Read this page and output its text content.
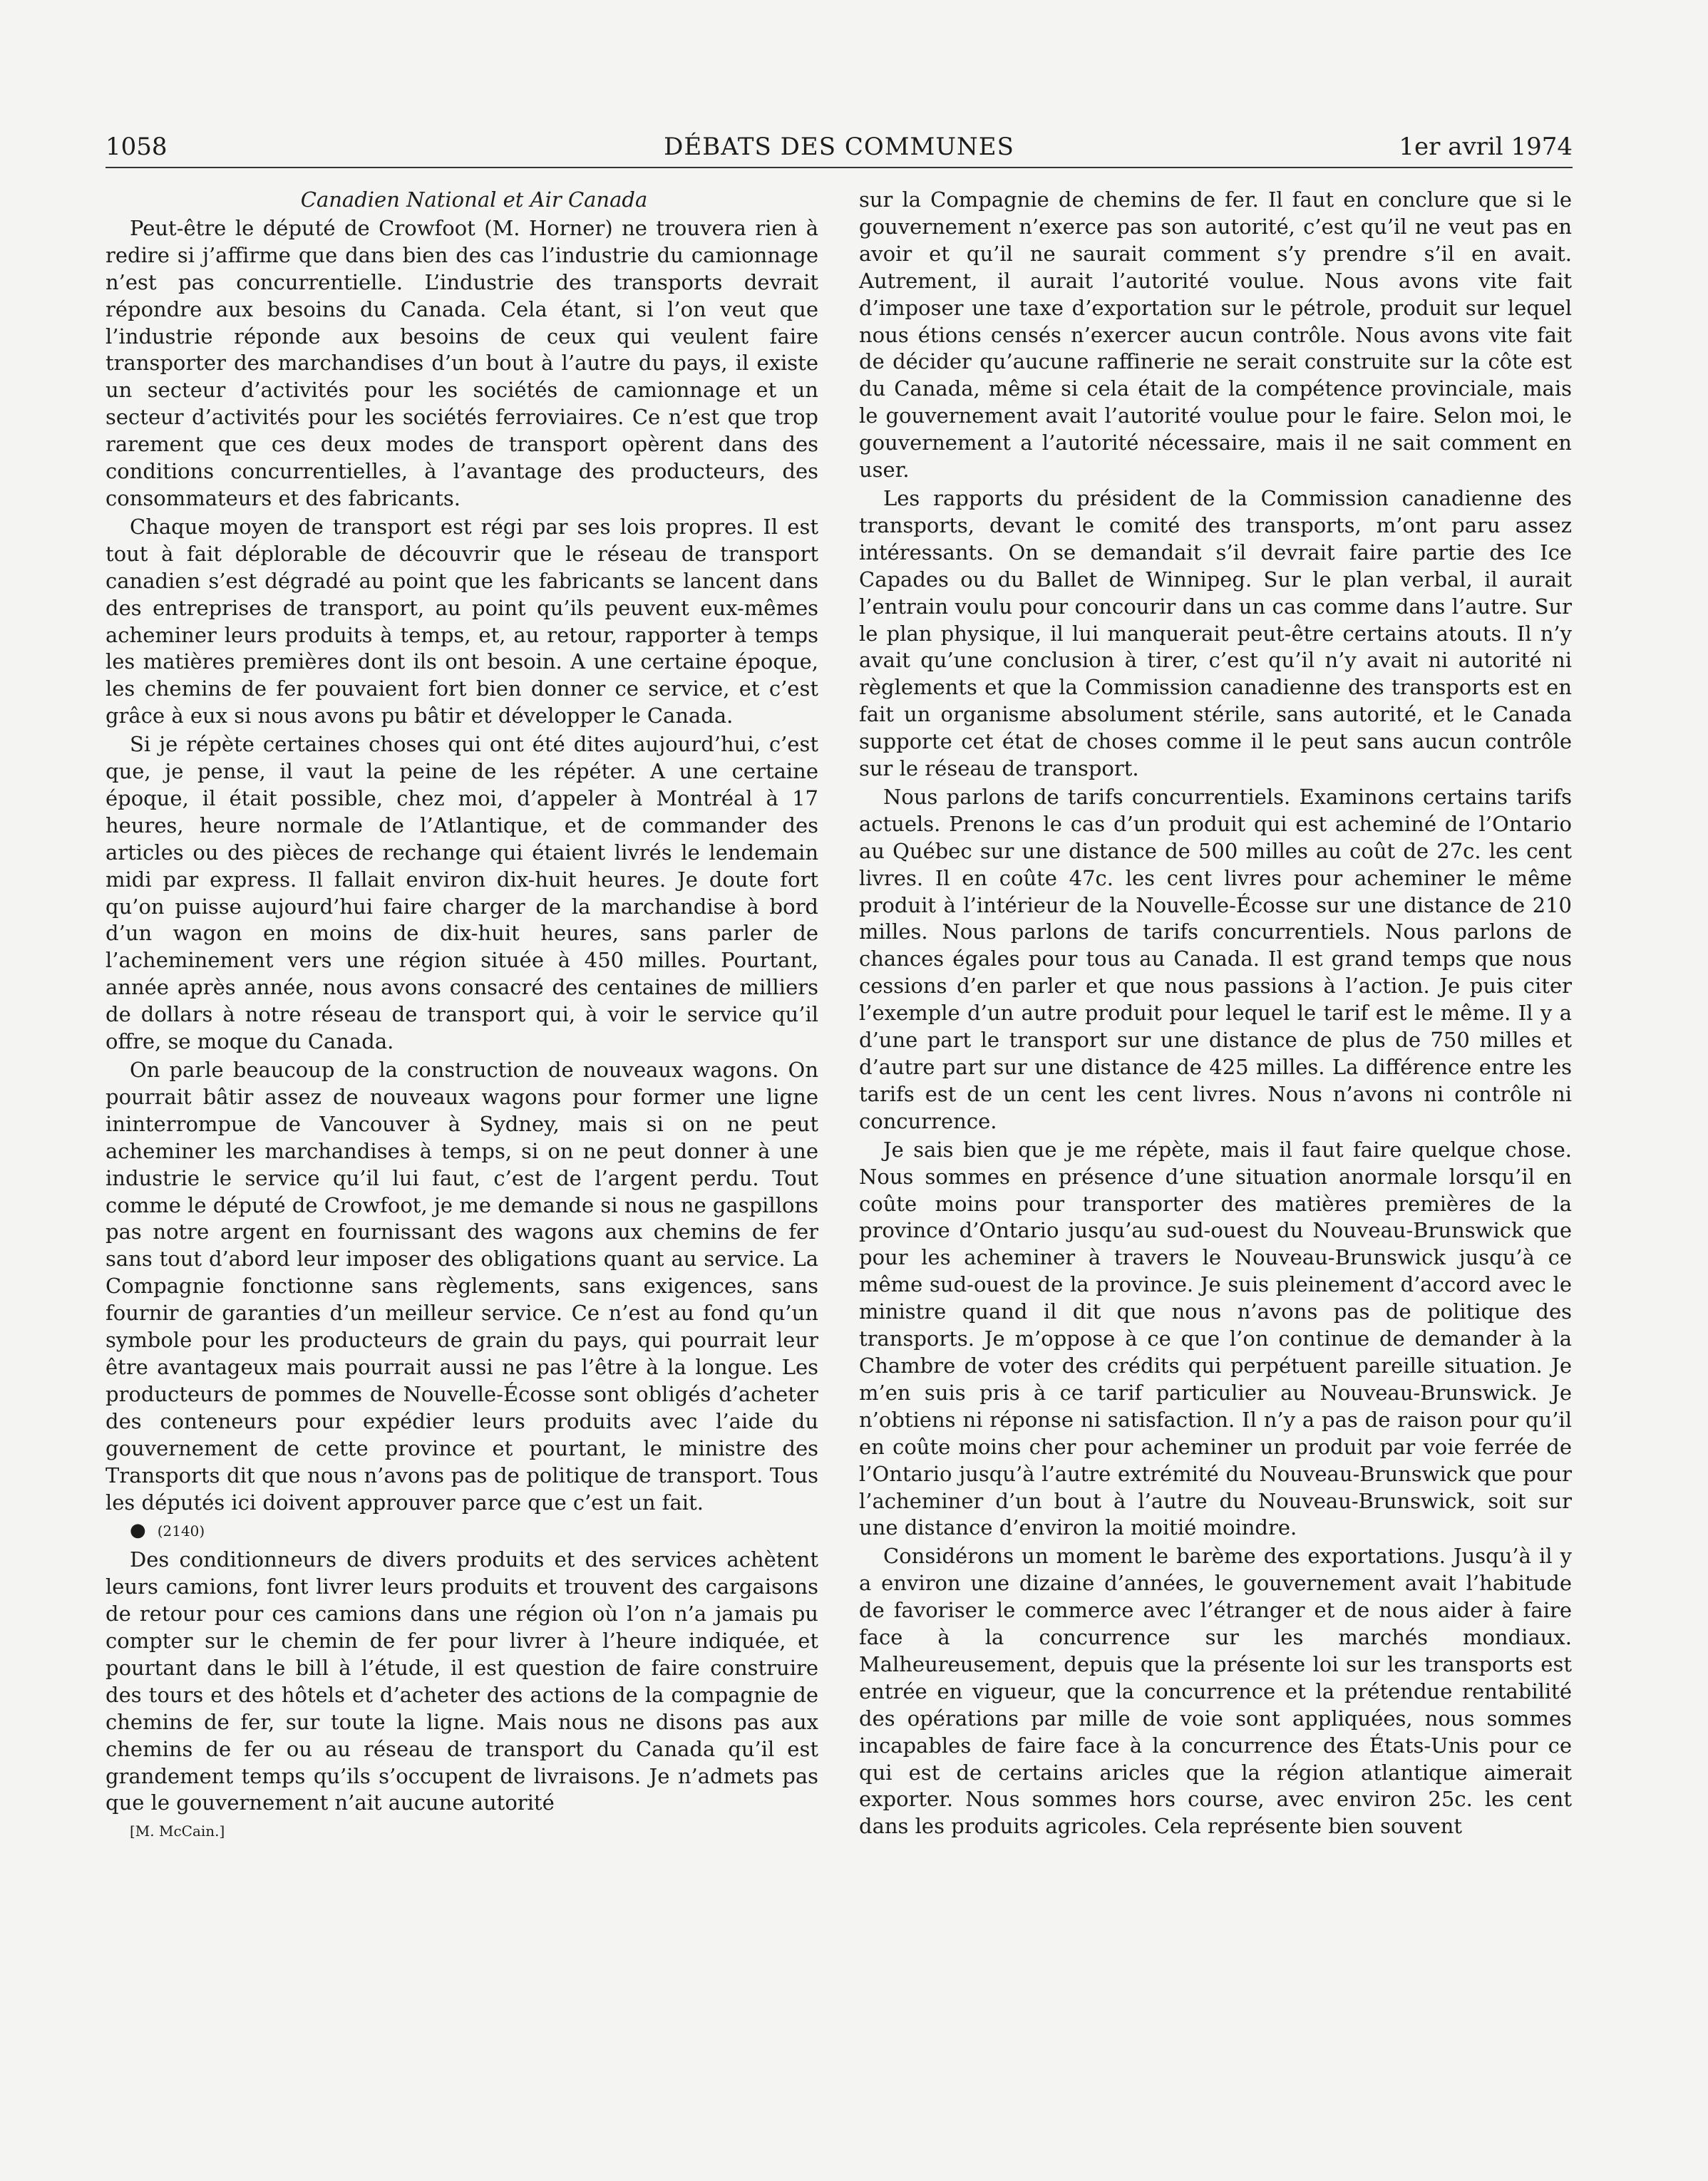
1058	DÉBATS DES COMMUNES	1er avril 1974

Canadien National et Air Canada

Peut-être le député de Crowfoot (M. Horner) ne trouvera rien à redire si j’affirme que dans bien des cas l’industrie du camionnage n’est pas concurrentielle. L’industrie des transports devrait répondre aux besoins du Canada. Cela étant, si l’on veut que l’industrie réponde aux besoins de ceux qui veulent faire transporter des marchandises d’un bout à l’autre du pays, il existe un secteur d’activités pour les sociétés de camionnage et un secteur d’activités pour les sociétés ferroviaires. Ce n’est que trop rarement que ces deux modes de transport opèrent dans des conditions concurrentielles, à l’avantage des producteurs, des consommateurs et des fabricants.

Chaque moyen de transport est régi par ses lois propres. Il est tout à fait déplorable de découvrir que le réseau de transport canadien s’est dégradé au point que les fabricants se lancent dans des entreprises de transport, au point qu’ils peuvent eux-mêmes acheminer leurs produits à temps, et, au retour, rapporter à temps les matières premières dont ils ont besoin. A une certaine époque, les chemins de fer pouvaient fort bien donner ce service, et c’est grâce à eux si nous avons pu bâtir et développer le Canada.

Si je répète certaines choses qui ont été dites aujourd’hui, c’est que, je pense, il vaut la peine de les répéter. A une certaine époque, il était possible, chez moi, d’appeler à Montréal à 17 heures, heure normale de l’Atlantique, et de commander des articles ou des pièces de rechange qui étaient livrés le lendemain midi par express. Il fallait environ dix-huit heures. Je doute fort qu’on puisse aujourd’hui faire charger de la marchandise à bord d’un wagon en moins de dix-huit heures, sans parler de l’acheminement vers une région située à 450 milles. Pourtant, année après année, nous avons consacré des centaines de milliers de dollars à notre réseau de transport qui, à voir le service qu’il offre, se moque du Canada.

On parle beaucoup de la construction de nouveaux wagons. On pourrait bâtir assez de nouveaux wagons pour former une ligne ininterrompue de Vancouver à Sydney, mais si on ne peut acheminer les marchandises à temps, si on ne peut donner à une industrie le service qu’il lui faut, c’est de l’argent perdu. Tout comme le député de Crowfoot, je me demande si nous ne gaspillons pas notre argent en fournissant des wagons aux chemins de fer sans tout d’abord leur imposer des obligations quant au service. La Compagnie fonctionne sans règlements, sans exigences, sans fournir de garanties d’un meilleur service. Ce n’est au fond qu’un symbole pour les producteurs de grain du pays, qui pourrait leur être avantageux mais pourrait aussi ne pas l’être à la longue. Les producteurs de pommes de Nouvelle-Écosse sont obligés d’acheter des conteneurs pour expédier leurs produits avec l’aide du gouvernement de cette province et pourtant, le ministre des Transports dit que nous n’avons pas de politique de transport. Tous les députés ici doivent approuver parce que c’est un fait.

● (2140)

Des conditionneurs de divers produits et des services achètent leurs camions, font livrer leurs produits et trouvent des cargaisons de retour pour ces camions dans une région où l’on n’a jamais pu compter sur le chemin de fer pour livrer à l’heure indiquée, et pourtant dans le bill à l’étude, il est question de faire construire des tours et des hôtels et d’acheter des actions de la compagnie de chemins de fer, sur toute la ligne. Mais nous ne disons pas aux chemins de fer ou au réseau de transport du Canada qu’il est grandement temps qu’ils s’occupent de livraisons. Je n’admets pas que le gouvernement n’ait aucune autorité

[M. McCain.]

sur la Compagnie de chemins de fer. Il faut en conclure que si le gouvernement n’exerce pas son autorité, c’est qu’il ne veut pas en avoir et qu’il ne saurait comment s’y prendre s’il en avait. Autrement, il aurait l’autorité voulue. Nous avons vite fait d’imposer une taxe d’exportation sur le pétrole, produit sur lequel nous étions censés n’exercer aucun contrôle. Nous avons vite fait de décider qu’aucune raffinerie ne serait construite sur la côte est du Canada, même si cela était de la compétence provinciale, mais le gouvernement avait l’autorité voulue pour le faire. Selon moi, le gouvernement a l’autorité nécessaire, mais il ne sait comment en user.

Les rapports du président de la Commission canadienne des transports, devant le comité des transports, m’ont paru assez intéressants. On se demandait s’il devrait faire partie des Ice Capades ou du Ballet de Winnipeg. Sur le plan verbal, il aurait l’entrain voulu pour concourir dans un cas comme dans l’autre. Sur le plan physique, il lui manquerait peut-être certains atouts. Il n’y avait qu’une conclusion à tirer, c’est qu’il n’y avait ni autorité ni règlements et que la Commission canadienne des transports est en fait un organisme absolument stérile, sans autorité, et le Canada supporte cet état de choses comme il le peut sans aucun contrôle sur le réseau de transport.

Nous parlons de tarifs concurrentiels. Examinons certains tarifs actuels. Prenons le cas d’un produit qui est acheminé de l’Ontario au Québec sur une distance de 500 milles au coût de 27c. les cent livres. Il en coûte 47c. les cent livres pour acheminer le même produit à l’intérieur de la Nouvelle-Écosse sur une distance de 210 milles. Nous parlons de tarifs concurrentiels. Nous parlons de chances égales pour tous au Canada. Il est grand temps que nous cessions d’en parler et que nous passions à l’action. Je puis citer l’exemple d’un autre produit pour lequel le tarif est le même. Il y a d’une part le transport sur une distance de plus de 750 milles et d’autre part sur une distance de 425 milles. La différence entre les tarifs est de un cent les cent livres. Nous n’avons ni contrôle ni concurrence.

Je sais bien que je me répète, mais il faut faire quelque chose. Nous sommes en présence d’une situation anormale lorsqu’il en coûte moins pour transporter des matières premières de la province d’Ontario jusqu’au sud-ouest du Nouveau-Brunswick que pour les acheminer à travers le Nouveau-Brunswick jusqu’à ce même sud-ouest de la province. Je suis pleinement d’accord avec le ministre quand il dit que nous n’avons pas de politique des transports. Je m’oppose à ce que l’on continue de demander à la Chambre de voter des crédits qui perpétuent pareille situation. Je m’en suis pris à ce tarif particulier au Nouveau-Brunswick. Je n’obtiens ni réponse ni satisfaction. Il n’y a pas de raison pour qu’il en coûte moins cher pour acheminer un produit par voie ferrée de l’Ontario jusqu’à l’autre extrémité du Nouveau-Brunswick que pour l’acheminer d’un bout à l’autre du Nouveau-Brunswick, soit sur une distance d’environ la moitié moindre.

Considérons un moment le barème des exportations. Jusqu’à il y a environ une dizaine d’années, le gouvernement avait l’habitude de favoriser le commerce avec l’étranger et de nous aider à faire face à la concurrence sur les marchés mondiaux. Malheureusement, depuis que la présente loi sur les transports est entrée en vigueur, que la concurrence et la prétendue rentabilité des opérations par mille de voie sont appliquées, nous sommes incapables de faire face à la concurrence des États-Unis pour ce qui est de certains aricles que la région atlantique aimerait exporter. Nous sommes hors course, avec environ 25c. les cent dans les produits agricoles. Cela représente bien souvent
